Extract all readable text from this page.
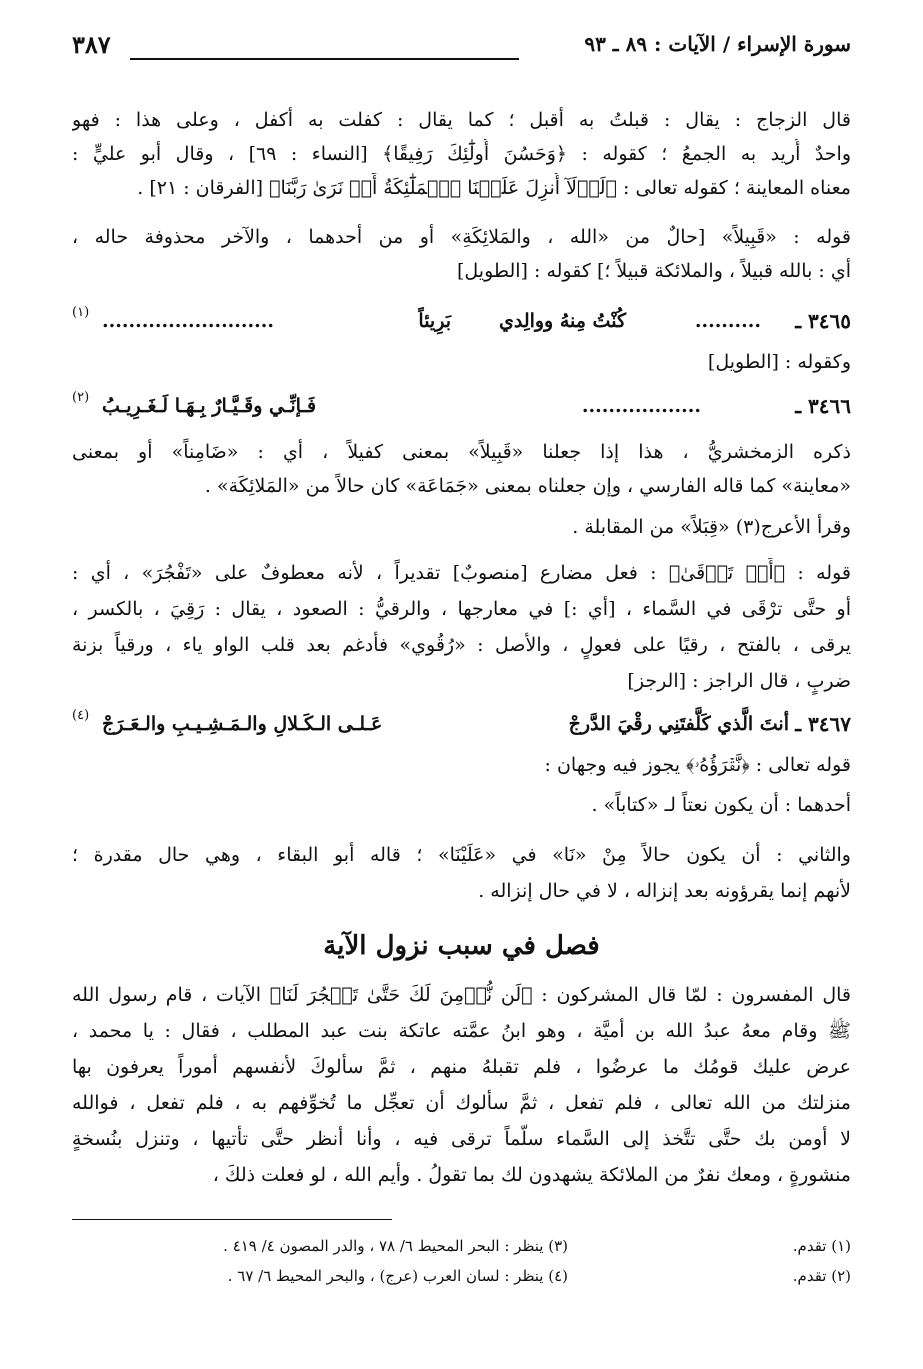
سورة الإسراء / الآيات : ٨٩ ـ ٩٣
٣٨٧
قال الزجاج : يقال : قبلتُ به أقبل ؛ كما يقال : كفلت به أكفل ، وعلى هذا : فهو
واحدٌ أُريد به الجمعُ ؛ كقوله : ﴿وَحَسُنَ أُولَٰٓئِكَ رَفِيقًا﴾ [النساء : ٦٩] ، وقال أبو عليٍّ :
معناه المعاينة ؛ كقوله تعالى : ﴿لَوۡلَآ أُنزِلَ عَلَيۡنَا ٱلۡمَلَٰٓئِكَةُ أَوۡ نَرَىٰ رَبَّنَا﴾ [الفرقان : ٢١] .
قوله : «قَبِيلاً» [حالٌ من «الله ، والمَلائِكَةِ» أو من أحدهما ، والآخر محذوفة حاله ،
أي : بالله قبيلاً ، والملائكة قبيلاً ؛] كقوله : [الطويل]
٣٤٦٥ ـ
..........
كُنْتُ مِنهُ ووالِدي
بَرِيئاً
..........................
(١)
وكقوله : [الطويل]
٣٤٦٦ ـ
..................
فَـإنِّـي وقَـيَّـارٌ بِـهَـا لَـغَـرِيـبُ
(٢)
ذكره الزمخشريُّ ، هذا إذا جعلنا «قَبِيلاً» بمعنى كفيلاً ، أي : «ضَامِناً» أو بمعنى
«معاينة» كما قاله الفارسي ، وإن جعلناه بمعنى «جَمَاعَة» كان حالاً من «المَلائِكَة» .
وقرأ الأعرج(٣) «قِبَلاً» من المقابلة .
قوله : ﴿أَوۡ تَرۡقَىٰ﴾ : فعل مضارع [منصوبٌ] تقديراً ، لأنه معطوفٌ على «تَفْجُرَ» ، أي :
أو حتَّى ترْقَى في السَّماء ، [أي :] في معارجها ، والرقيُّ : الصعود ، يقال : رَقِيَ ، بالكسر ،
يرقى ، بالفتح ، رقيًا على فعولٍ ، والأصل : «رُقُوي» فأدغم بعد قلب الواو ياء ، ورقياً بزنة
ضربٍ ، قال الراجز : [الرجز]
٣٤٦٧ ـ
أنتَ الَّذي كَلَّفتَنِي رقْيَ الدَّرجْ
عَـلـى الـكَـلالِ والـمَـشِـيـبِ والـعَـرَجْ
(٤)
قوله تعالى : ﴿نَّقۡرَؤُهُۥ﴾ يجوز فيه وجهان :
أحدهما : أن يكون نعتاً لـ «كتاباً» .
والثاني : أن يكون حالاً مِنْ «نَا» في «عَلَيْنَا» ؛ قاله أبو البقاء ، وهي حال مقدرة ؛
لأنهم إنما يقرؤونه بعد إنزاله ، لا في حال إنزاله .
فصل في سبب نزول الآية
قال المفسرون : لمّا قال المشركون : ﴿لَن نُّؤۡمِنَ لَكَ حَتَّىٰ تَفۡجُرَ لَنَا﴾ الآيات ، قام رسول الله
ﷺ وقام معهُ عبدُ الله بن أميَّة ، وهو ابنُ عمَّته عاتكة بنت عبد المطلب ، فقال : يا محمد ،
عرض عليك قومُك ما عرضُوا ، فلم تقبلهُ منهم ، ثمَّ سألوكَ لأنفسهم أموراً يعرفون بها
منزلتك من الله تعالى ، فلم تفعل ، ثمَّ سألوك أن تعجِّل ما تُخوِّفهم به ، فلم تفعل ، فوالله
لا أومن بك حتَّى تتَّخذ إلى السَّماء سلَّماً ترقى فيه ، وأنا أنظر حتَّى تأتيها ، وتنزل بنُسخةٍ
منشورةٍ ، ومعك نفرٌ من الملائكة يشهدون لك بما تقولُ . وأيم الله ، لو فعلت ذلكَ ،
(١) تقدم.
(٣) ينظر : البحر المحيط ٦/ ٧٨ ، والدر المصون ٤/ ٤١٩ .
(٢) تقدم.
(٤) ينظر : لسان العرب (عرج) ، والبحر المحيط ٦/ ٦٧ .
